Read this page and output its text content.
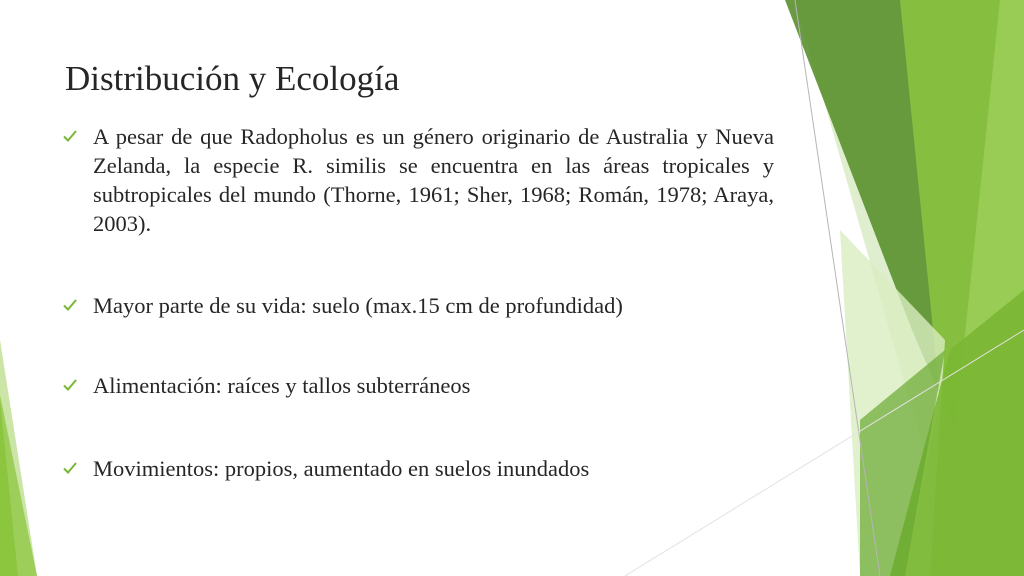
Distribución y Ecología
A pesar de que Radopholus es un género originario de Australia y Nueva Zelanda, la especie R. similis se encuentra en las áreas tropicales y subtropicales del mundo (Thorne, 1961; Sher, 1968; Román, 1978; Araya, 2003).
Mayor parte de su vida: suelo (max.15 cm de profundidad)
Alimentación: raíces y tallos subterráneos
Movimientos: propios, aumentado en suelos inundados
